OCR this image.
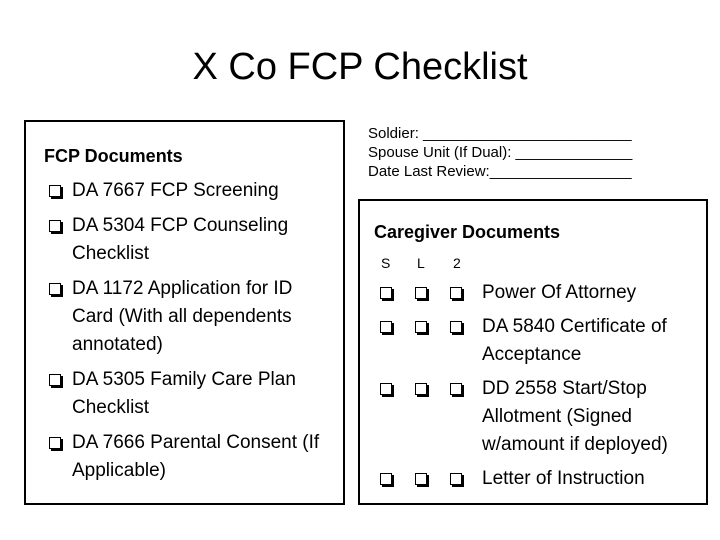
X Co FCP Checklist
Soldier: _________________________
Spouse Unit (If Dual): ______________
Date Last Review:_________________
FCP Documents
DA 7667 FCP Screening
DA 5304 FCP Counseling Checklist
DA 1172 Application for ID Card (With all dependents annotated)
DA 5305 Family Care Plan Checklist
DA 7666 Parental Consent (If Applicable)
Caregiver Documents
S L 2
Power Of Attorney
DA 5840 Certificate of Acceptance
DD 2558 Start/Stop Allotment (Signed w/amount if deployed)
Letter of Instruction
